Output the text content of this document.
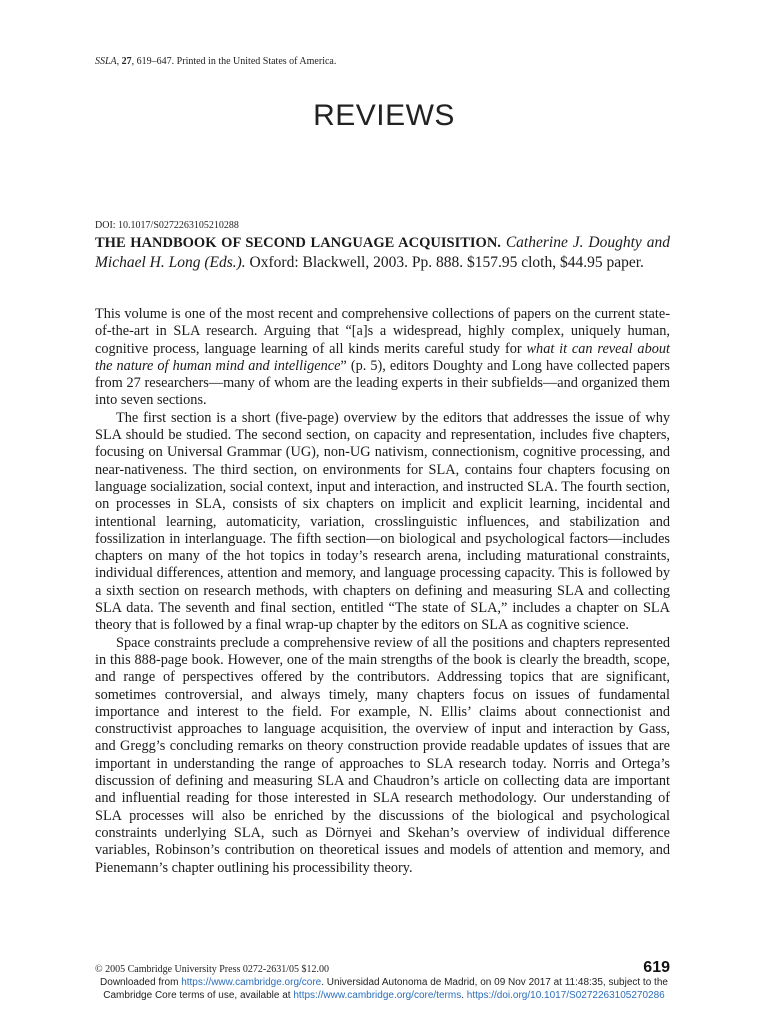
SSLA, 27, 619–647. Printed in the United States of America.
REVIEWS
DOI: 10.1017/S0272263105210288
THE HANDBOOK OF SECOND LANGUAGE ACQUISITION. Catherine J. Doughty and Michael H. Long (Eds.). Oxford: Blackwell, 2003. Pp. 888. $157.95 cloth, $44.95 paper.

This volume is one of the most recent and comprehensive collections of papers on the current state-of-the-art in SLA research. Arguing that “[a]s a widespread, highly complex, uniquely human, cognitive process, language learning of all kinds merits careful study for what it can reveal about the nature of human mind and intelligence” (p. 5), editors Doughty and Long have collected papers from 27 researchers—many of whom are the leading experts in their subfields—and organized them into seven sections.

The first section is a short (five-page) overview by the editors that addresses the issue of why SLA should be studied. The second section, on capacity and representation, includes five chapters, focusing on Universal Grammar (UG), non-UG nativism, connectionism, cognitive processing, and near-nativeness. The third section, on environments for SLA, contains four chapters focusing on language socialization, social context, input and interaction, and instructed SLA. The fourth section, on processes in SLA, consists of six chapters on implicit and explicit learning, incidental and intentional learning, automaticity, variation, crosslinguistic influences, and stabilization and fossilization in interlanguage. The fifth section—on biological and psychological factors—includes chapters on many of the hot topics in today’s research arena, including maturational constraints, individual differences, attention and memory, and language processing capacity. This is followed by a sixth section on research methods, with chapters on defining and measuring SLA and collecting SLA data. The seventh and final section, entitled “The state of SLA,” includes a chapter on SLA theory that is followed by a final wrap-up chapter by the editors on SLA as cognitive science.

Space constraints preclude a comprehensive review of all the positions and chapters represented in this 888-page book. However, one of the main strengths of the book is clearly the breadth, scope, and range of perspectives offered by the contributors. Addressing topics that are significant, sometimes controversial, and always timely, many chapters focus on issues of fundamental importance and interest to the field. For example, N. Ellis’ claims about connectionist and constructivist approaches to language acquisition, the overview of input and interaction by Gass, and Gregg’s concluding remarks on theory construction provide readable updates of issues that are important in understanding the range of approaches to SLA research today. Norris and Ortega’s discussion of defining and measuring SLA and Chaudron’s article on collecting data are important and influential reading for those interested in SLA research methodology. Our understanding of SLA processes will also be enriched by the discussions of the biological and psychological constraints underlying SLA, such as Dörnyei and Skehan’s overview of individual difference variables, Robinson’s contribution on theoretical issues and models of attention and memory, and Pienemann’s chapter outlining his processibility theory.

© 2005 Cambridge University Press 0272-2631/05 $12.00	619
Downloaded from https://www.cambridge.org/core. Universidad Autonoma de Madrid, on 09 Nov 2017 at 11:48:35, subject to the
Cambridge Core terms of use, available at https://www.cambridge.org/core/terms. https://doi.org/10.1017/S0272263105270286
